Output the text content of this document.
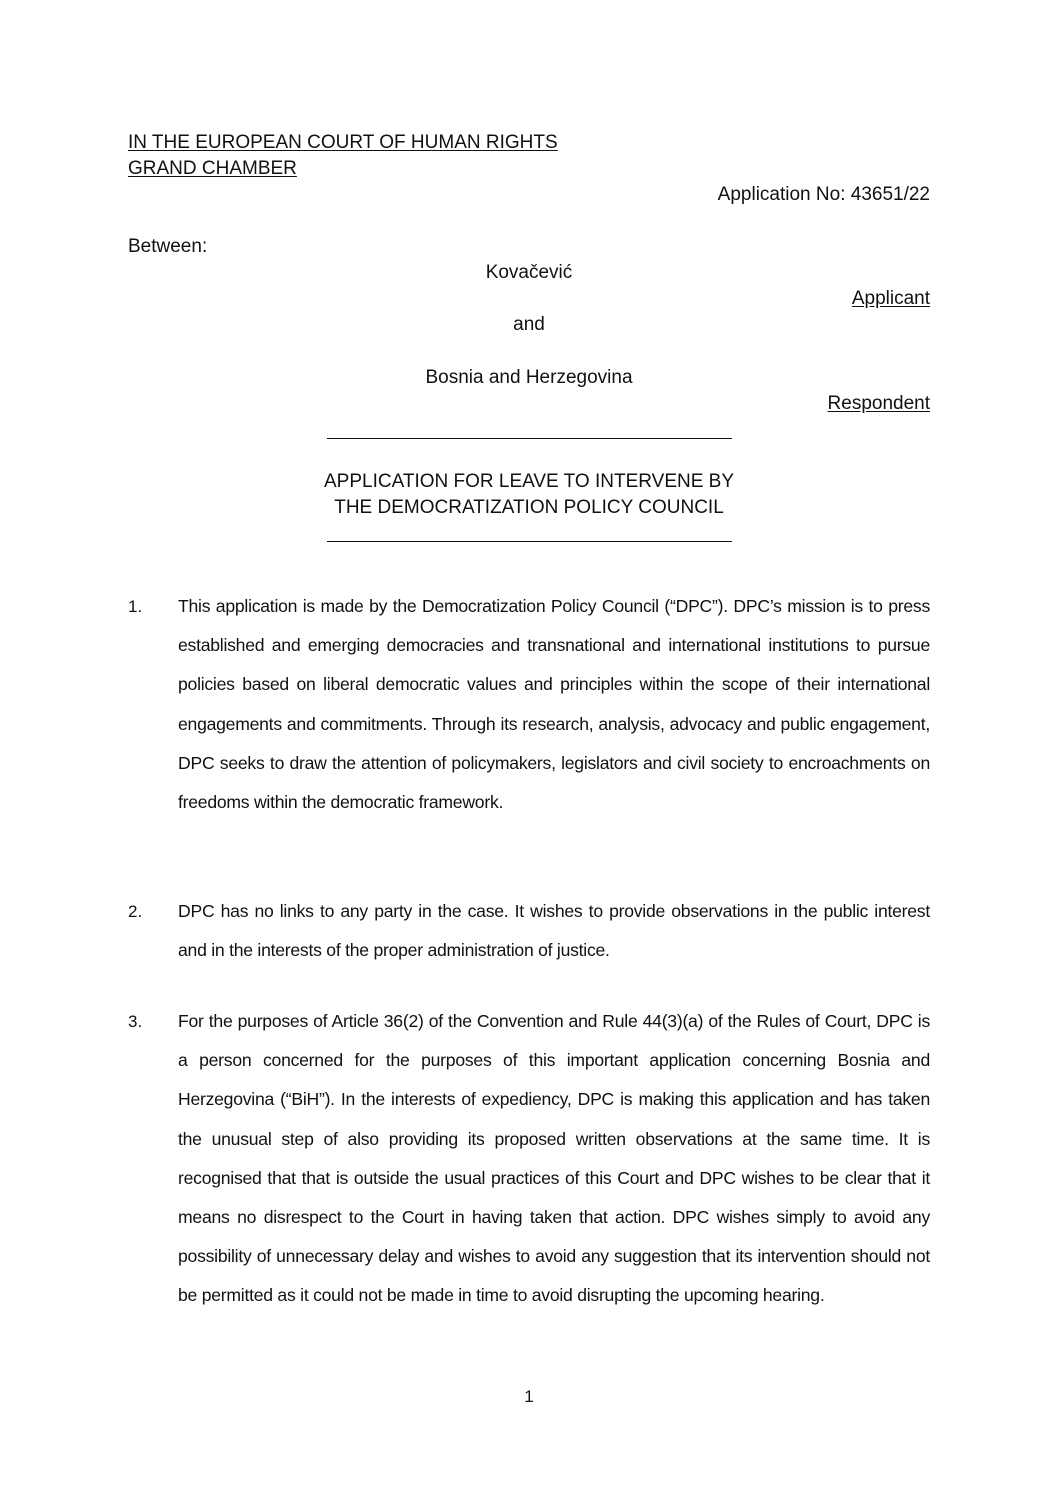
IN THE EUROPEAN COURT OF HUMAN RIGHTS
GRAND CHAMBER
Application No: 43651/22
Between:
Kovačević
Applicant
and
Bosnia and Herzegovina
Respondent
APPLICATION FOR LEAVE TO INTERVENE BY
THE DEMOCRATIZATION POLICY COUNCIL
1. This application is made by the Democratization Policy Council (“DPC”). DPC’s mission is to press established and emerging democracies and transnational and international institutions to pursue policies based on liberal democratic values and principles within the scope of their international engagements and commitments. Through its research, analysis, advocacy and public engagement, DPC seeks to draw the attention of policymakers, legislators and civil society to encroachments on freedoms within the democratic framework.
2. DPC has no links to any party in the case. It wishes to provide observations in the public interest and in the interests of the proper administration of justice.
3. For the purposes of Article 36(2) of the Convention and Rule 44(3)(a) of the Rules of Court, DPC is a person concerned for the purposes of this important application concerning Bosnia and Herzegovina (“BiH”). In the interests of expediency, DPC is making this application and has taken the unusual step of also providing its proposed written observations at the same time. It is recognised that that is outside the usual practices of this Court and DPC wishes to be clear that it means no disrespect to the Court in having taken that action. DPC wishes simply to avoid any possibility of unnecessary delay and wishes to avoid any suggestion that its intervention should not be permitted as it could not be made in time to avoid disrupting the upcoming hearing.
1
